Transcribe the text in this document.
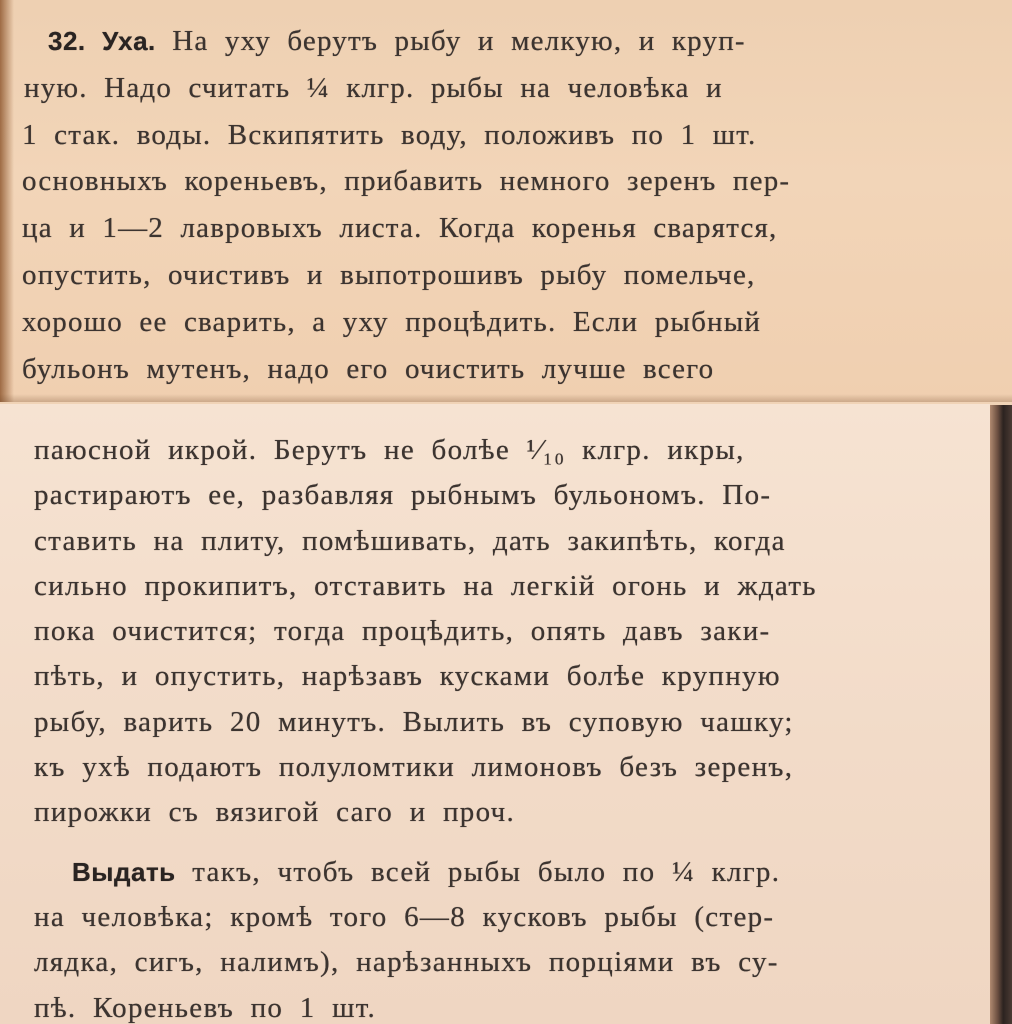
32. Уха. На уху берутъ рыбу и мелкую, и круп-
ную. Надо считать ¼ клгр. рыбы на человѣка и
1 стак. воды. Вскипятить воду, положивъ по 1 шт.
основныхъ кореньевъ, прибавить немного зеренъ пер-
ца и 1—2 лавровыхъ листа. Когда коренья сварятся,
опустить, очистивъ и выпотрошивъ рыбу помельче,
хорошо ее сварить, а уху процѣдить. Если рыбный
бульонъ мутенъ, надо его очистить лучше всего
паюсной икрой. Берутъ не болѣе ¹⁄₁₀ клгр. икры,
растираютъ ее, разбавляя рыбнымъ бульономъ. По-
ставить на плиту, помѣшивать, дать закипѣть, когда
сильно прокипитъ, отставить на легкій огонь и ждать
пока очистится; тогда процѣдить, опять давъ заки-
пѣть, и опустить, нарѣзавъ кусками болѣе крупную
рыбу, варить 20 минутъ. Вылить въ суповую чашку;
къ ухѣ подаютъ полуломтики лимоновъ безъ зеренъ,
пирожки съ вязигой саго и проч.
Выдать такъ, чтобъ всей рыбы было по ¼ клгр.
на человѣка; кромѣ того 6—8 кусковъ рыбы (стер-
лядка, сигъ, налимъ), нарѣзанныхъ порціями въ су-
пѣ. Кореньевъ по 1 шт.
